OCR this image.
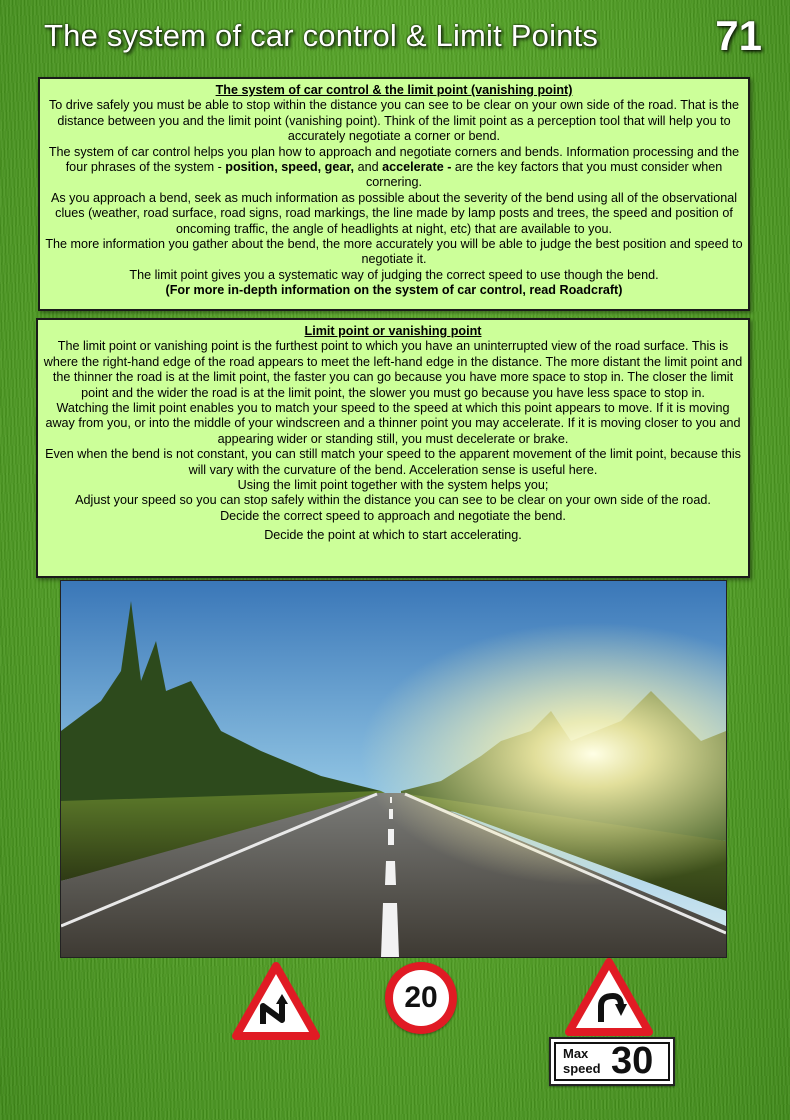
The system of car control & Limit Points	71
The system of car control & the limit point (vanishing point)

To drive safely you must be able to stop within the distance you can see to be clear on your own side of the road. That is the distance between you and the limit point (vanishing point). Think of the limit point as a perception tool that will help you to accurately negotiate a corner or bend.

The system of car control helps you plan how to approach and negotiate corners and bends. Information processing and the four phrases of the system - position, speed, gear, and accelerate - are the key factors that you must consider when cornering.

As you approach a bend, seek as much information as possible about the severity of the bend using all of the observational clues (weather, road surface, road signs, road markings, the line made by lamp posts and trees, the speed and position of oncoming traffic, the angle of headlights at night, etc) that are available to you.

The more information you gather about the bend, the more accurately you will be able to judge the best position and speed to negotiate it.

The limit point gives you a systematic way of judging the correct speed to use though the bend.

(For more in-depth information on the system of car control, read Roadcraft)

Limit point or vanishing point

The limit point or vanishing point is the furthest point to which you have an uninterrupted view of the road surface. This is where the right-hand edge of the road appears to meet the left-hand edge in the distance. The more distant the limit point and the thinner the road is at the limit point, the faster you can go because you have more space to stop in. The closer the limit point and the wider the road is at the limit point, the slower you must go because you have less space to stop in.

Watching the limit point enables you to match your speed to the speed at which this point appears to move. If it is moving away from you, or into the middle of your windscreen and a thinner point you may accelerate. If it is moving closer to you and appearing wider or standing still, you must decelerate or brake.

Even when the bend is not constant, you can still match your speed to the apparent movement of the limit point, because this will vary with the curvature of the bend. Acceleration sense is useful here.

Using the limit point together with the system helps you;

Adjust your speed so you can stop safely within the distance you can see to be clear on your own side of the road.

Decide the correct speed to approach and negotiate the bend.

Decide the point at which to start accelerating.

20
Max
speed 30
